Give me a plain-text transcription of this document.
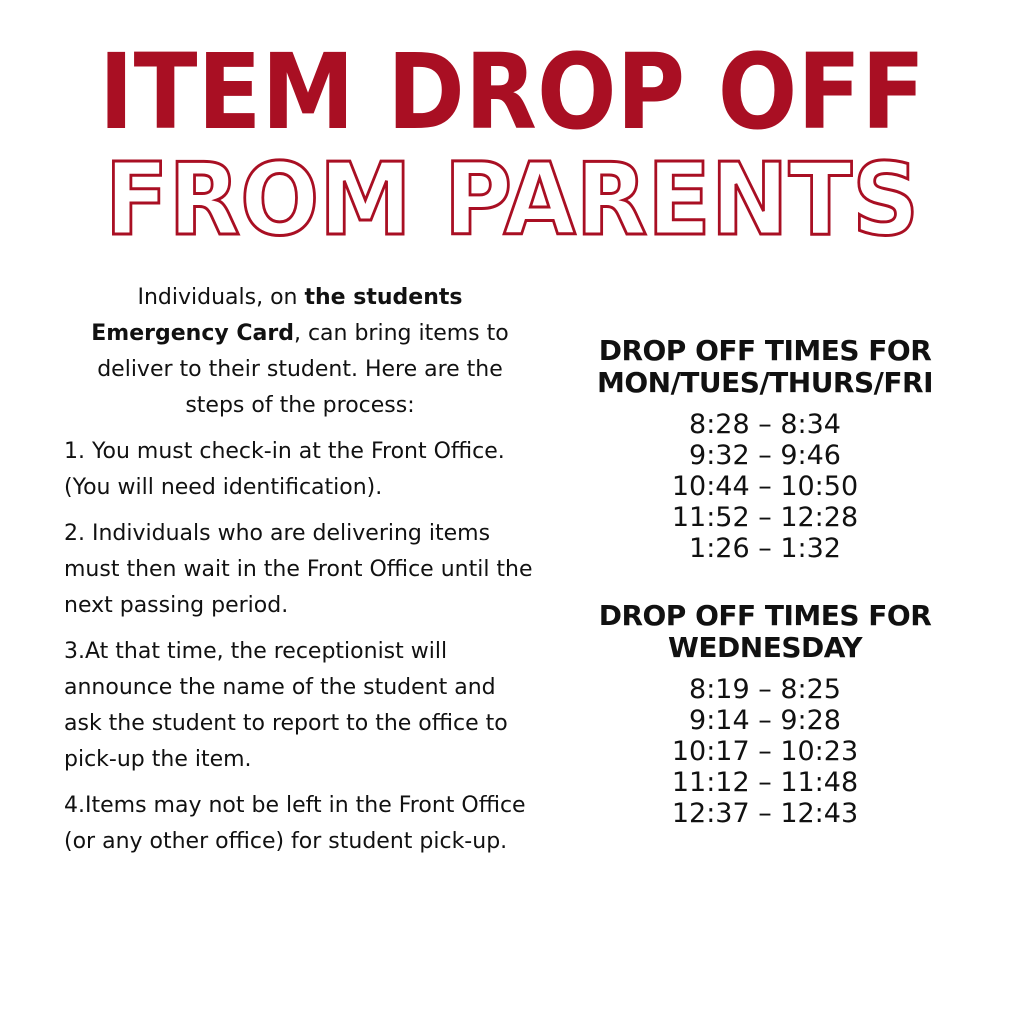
ITEM DROP OFF
FROM PARENTS

Individuals, on the students Emergency Card, can bring items to deliver to their student. Here are the steps of the process:

1. You must check-in at the Front Office. (You will need identification).

2. Individuals who are delivering items must then wait in the Front Office until the next passing period.

3.At that time, the receptionist will announce the name of the student and ask the student to report to the office to pick-up the item.

4.Items may not be left in the Front Office (or any other office) for student pick-up.

DROP OFF TIMES FOR MON/TUES/THURS/FRI
8:28 – 8:34
9:32 – 9:46
10:44 – 10:50
11:52 – 12:28
1:26 – 1:32
DROP OFF TIMES FOR WEDNESDAY
8:19 – 8:25
9:14 – 9:28
10:17 – 10:23
11:12 – 11:48
12:37 – 12:43
